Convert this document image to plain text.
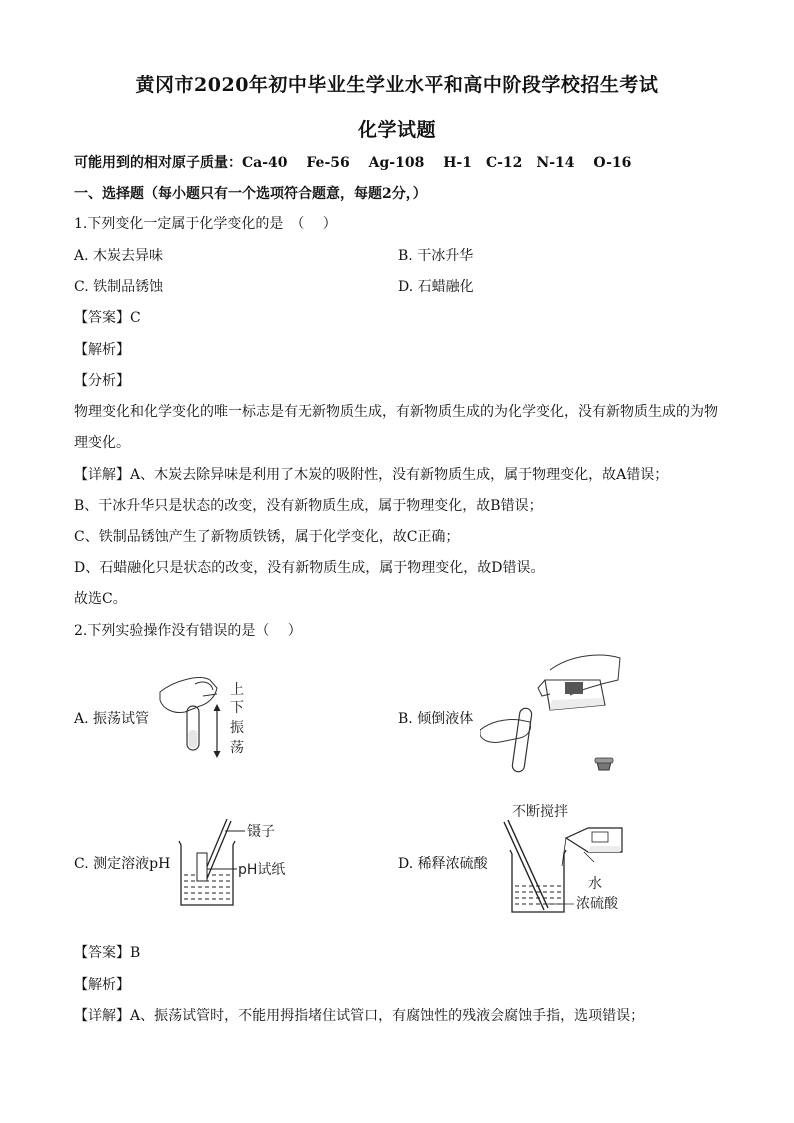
黄冈市2020年初中毕业生学业水平和高中阶段学校招生考试
化学试题
可能用到的相对原子质量：Ca-40　 Fe-56　 Ag-108　 H-1　C-12　N-14　 O-16
一、选择题（每小题只有一个选项符合题意，每题2分，）
1.下列变化一定属于化学变化的是　（　 ）
A. 木炭去异味	B. 干冰升华
C. 铁制品锈蚀	D. 石蜡融化
【答案】C
【解析】
【分析】
物理变化和化学变化的唯一标志是有无新物质生成，有新物质生成的为化学变化，没有新物质生成的为物
理变化。
【详解】A、木炭去除异味是利用了木炭的吸附性，没有新物质生成，属于物理变化，故A错误；
B、干冰升华只是状态的改变，没有新物质生成，属于物理变化，故B错误；
C、铁制品锈蚀产生了新物质铁锈，属于化学变化，故C正确；
D、石蜡融化只是状态的改变，没有新物质生成，属于物理变化，故D错误。
故选C。
2.下列实验操作没有错误的是（　 ）
A. 振荡试管	B. 倾倒液体
C. 测定溶液pH	D. 稀释浓硫酸
上
下
振
荡
镊子
pH试纸
不断搅拌
水
浓硫酸
【答案】B
【解析】
【详解】A、振荡试管时，不能用拇指堵住试管口，有腐蚀性的残液会腐蚀手指，选项错误；
